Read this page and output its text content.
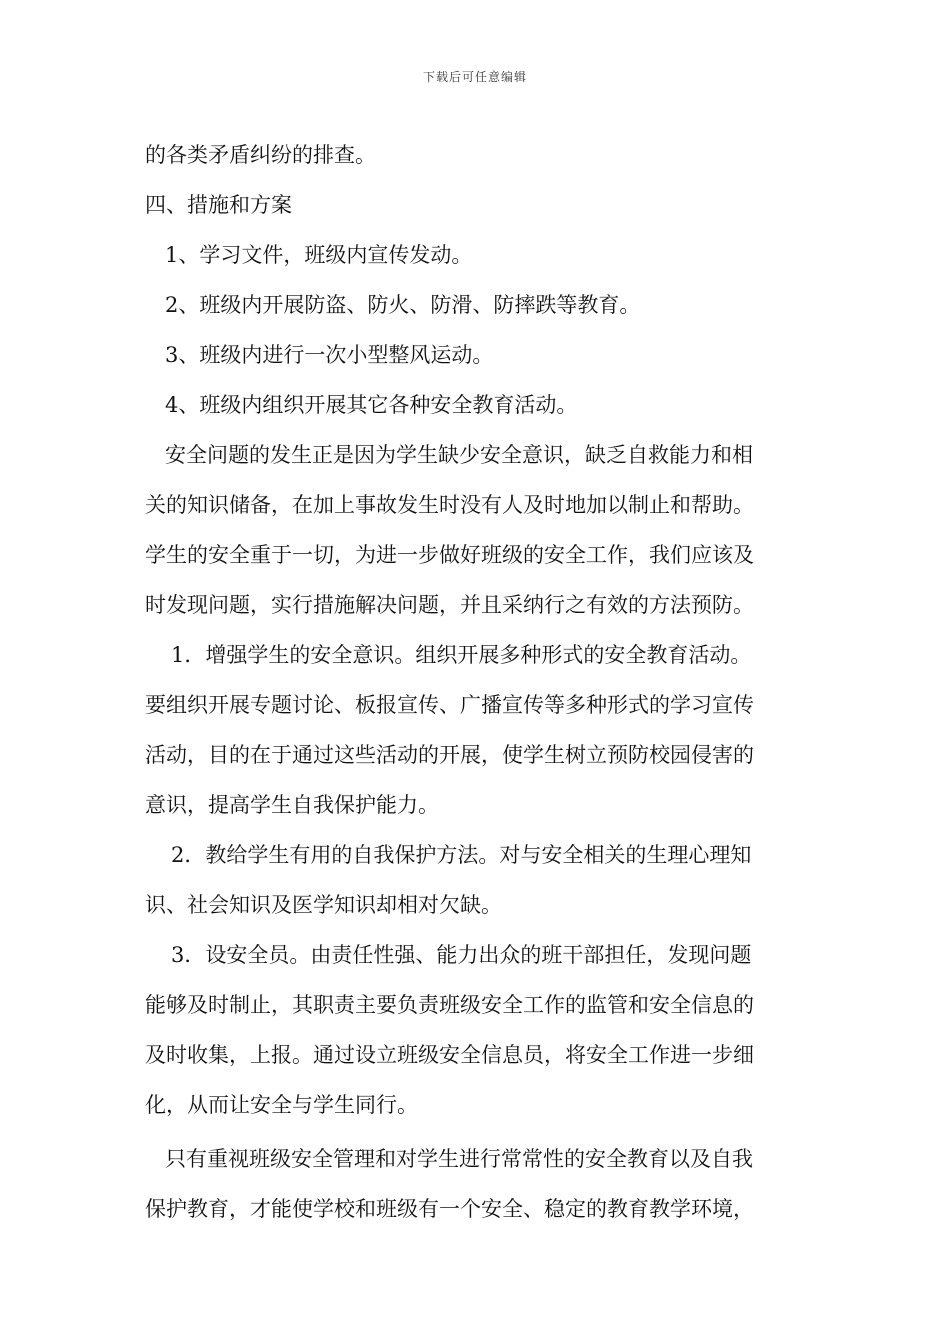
下载后可任意编辑
的各类矛盾纠纷的排查。
四、措施和方案
1、学习文件，班级内宣传发动。
2、班级内开展防盗、防火、防滑、防摔跌等教育。
3、班级内进行一次小型整风运动。
4、班级内组织开展其它各种安全教育活动。
安全问题的发生正是因为学生缺少安全意识，缺乏自救能力和相
关的知识储备，在加上事故发生时没有人及时地加以制止和帮助。
学生的安全重于一切，为进一步做好班级的安全工作，我们应该及
时发现问题，实行措施解决问题，并且采纳行之有效的方法预防。
1．增强学生的安全意识。组织开展多种形式的安全教育活动。
要组织开展专题讨论、板报宣传、广播宣传等多种形式的学习宣传
活动，目的在于通过这些活动的开展，使学生树立预防校园侵害的
意识，提高学生自我保护能力。
2．教给学生有用的自我保护方法。对与安全相关的生理心理知
识、社会知识及医学知识却相对欠缺。
3．设安全员。由责任性强、能力出众的班干部担任，发现问题
能够及时制止，其职责主要负责班级安全工作的监管和安全信息的
及时收集，上报。通过设立班级安全信息员，将安全工作进一步细
化，从而让安全与学生同行。
只有重视班级安全管理和对学生进行常常性的安全教育以及自我
保护教育，才能使学校和班级有一个安全、稳定的教育教学环境，
